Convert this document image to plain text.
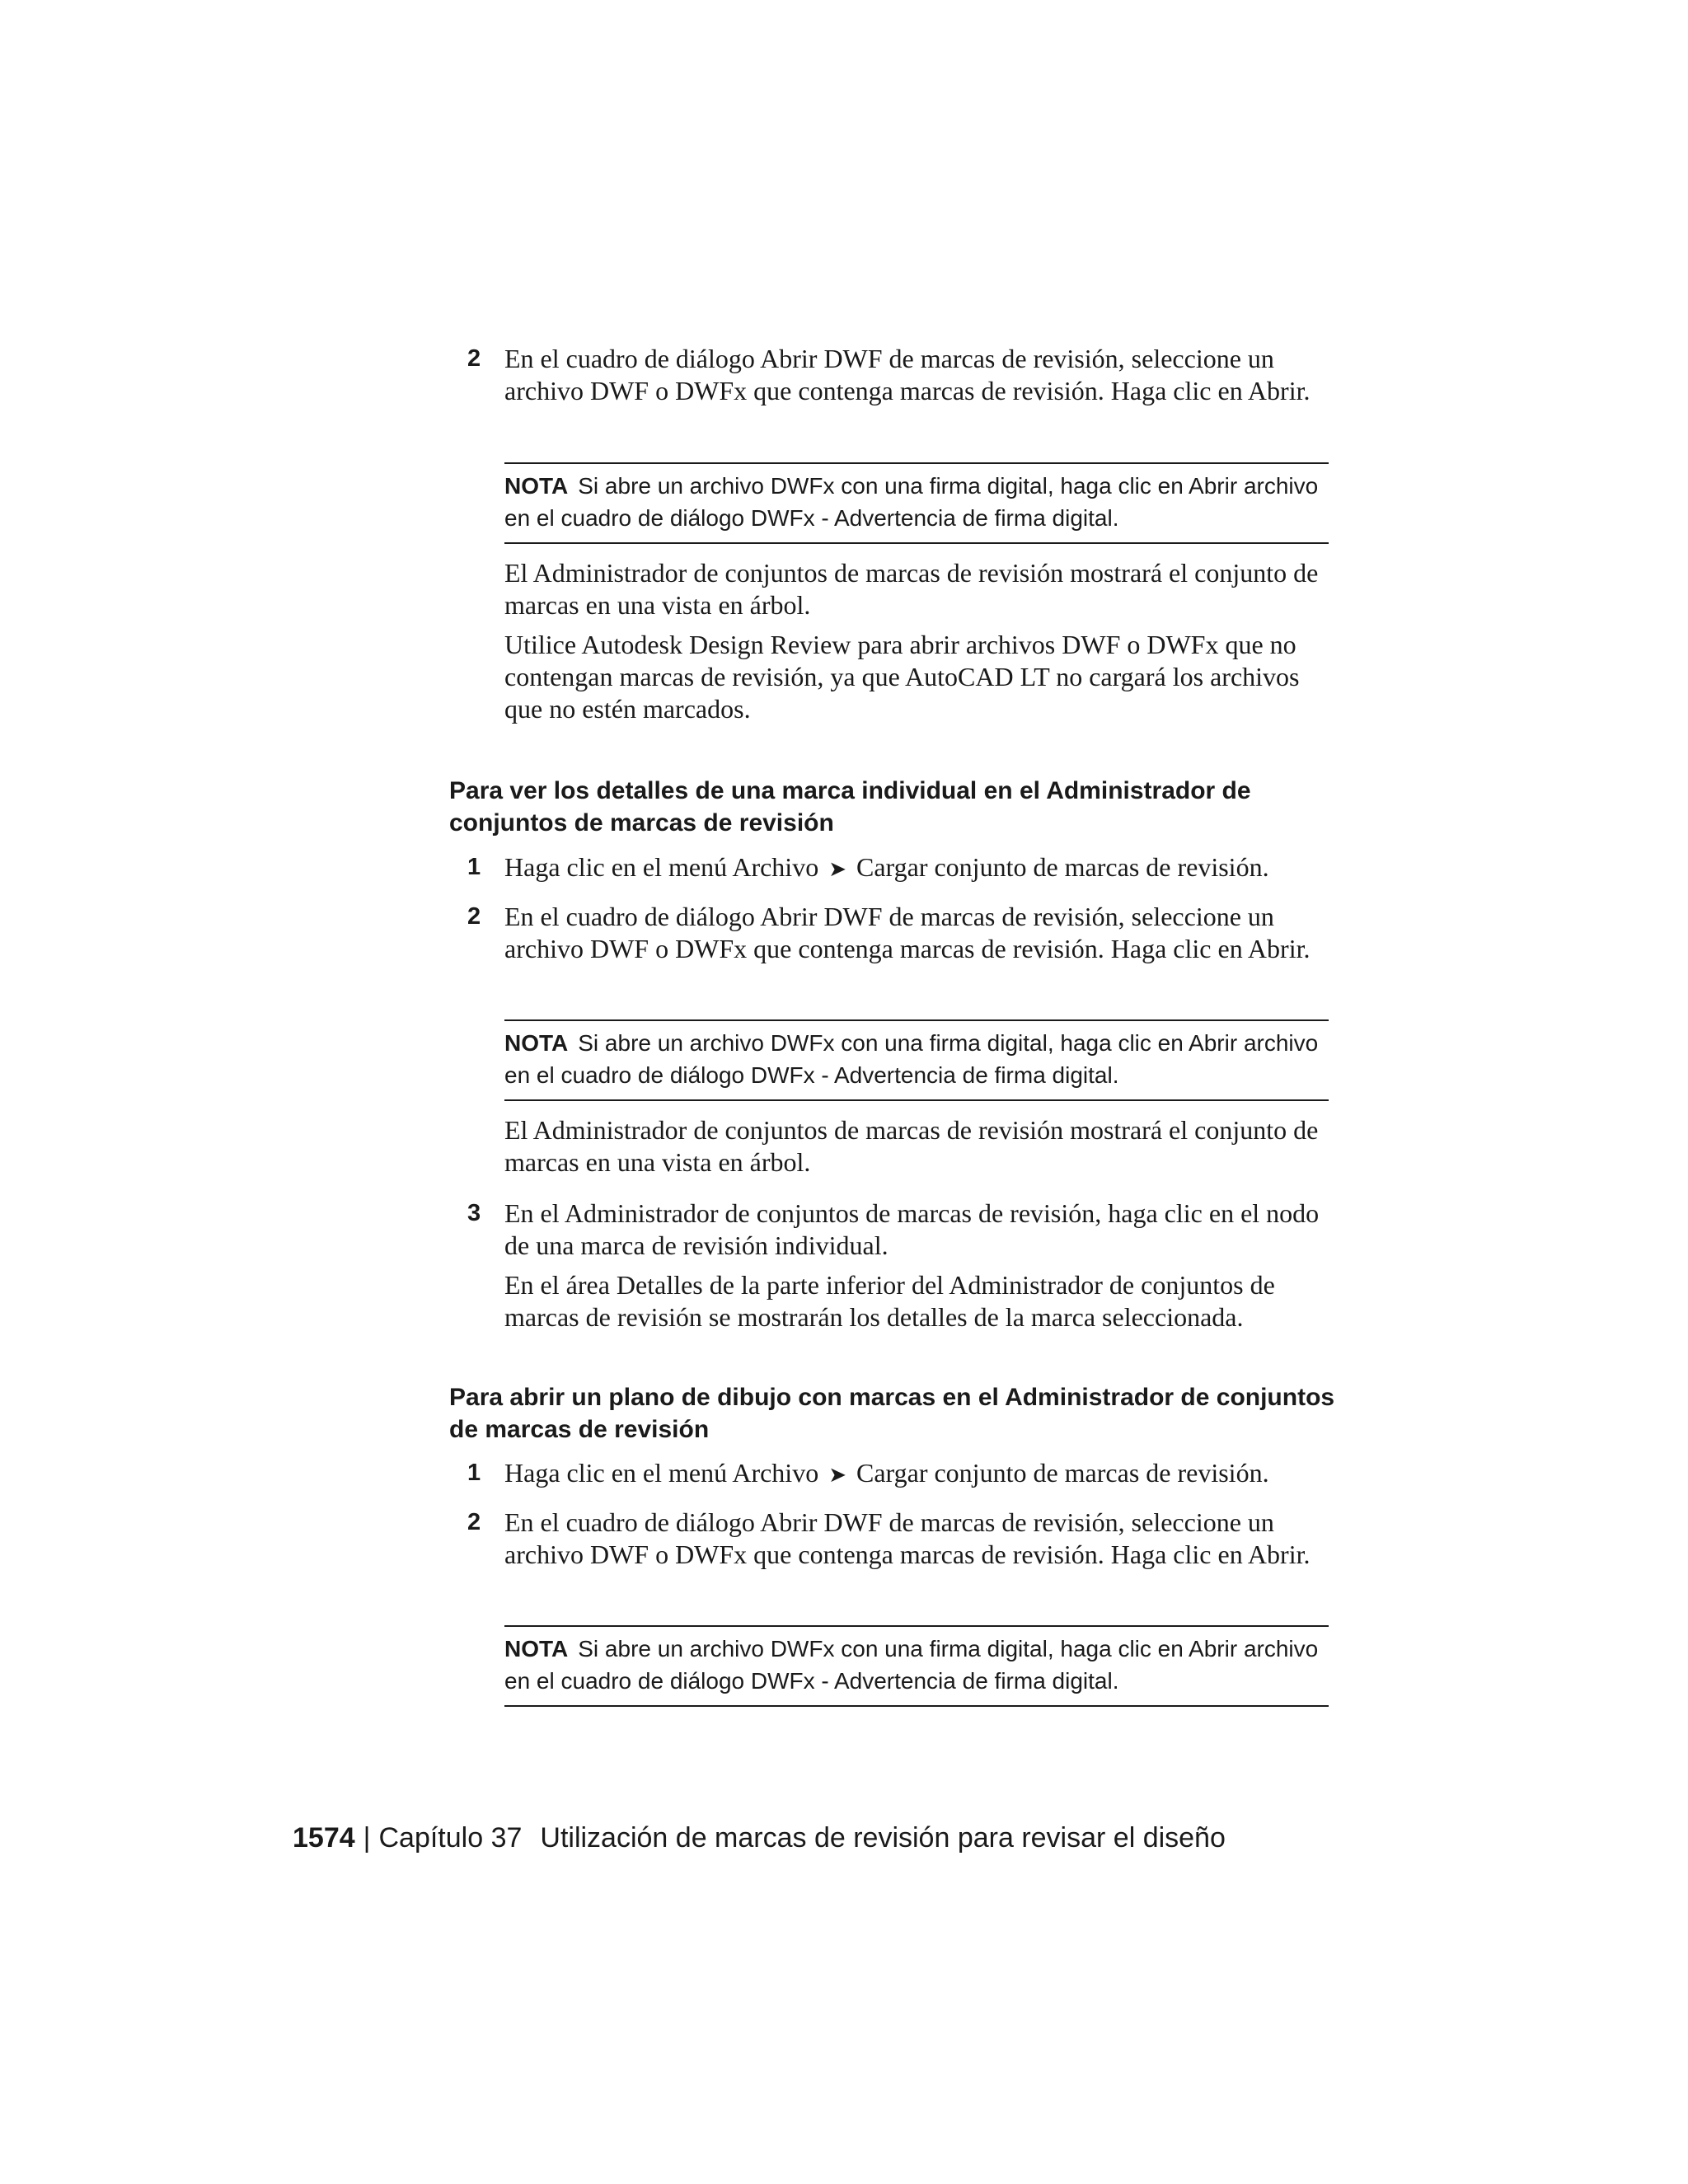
2 En el cuadro de diálogo Abrir DWF de marcas de revisión, seleccione un archivo DWF o DWFx que contenga marcas de revisión. Haga clic en Abrir.
NOTA Si abre un archivo DWFx con una firma digital, haga clic en Abrir archivo en el cuadro de diálogo DWFx - Advertencia de firma digital.
El Administrador de conjuntos de marcas de revisión mostrará el conjunto de marcas en una vista en árbol.
Utilice Autodesk Design Review para abrir archivos DWF o DWFx que no contengan marcas de revisión, ya que AutoCAD LT no cargará los archivos que no estén marcados.
Para ver los detalles de una marca individual en el Administrador de conjuntos de marcas de revisión
1 Haga clic en el menú Archivo ➤ Cargar conjunto de marcas de revisión.
2 En el cuadro de diálogo Abrir DWF de marcas de revisión, seleccione un archivo DWF o DWFx que contenga marcas de revisión. Haga clic en Abrir.
NOTA Si abre un archivo DWFx con una firma digital, haga clic en Abrir archivo en el cuadro de diálogo DWFx - Advertencia de firma digital.
El Administrador de conjuntos de marcas de revisión mostrará el conjunto de marcas en una vista en árbol.
3 En el Administrador de conjuntos de marcas de revisión, haga clic en el nodo de una marca de revisión individual.
En el área Detalles de la parte inferior del Administrador de conjuntos de marcas de revisión se mostrarán los detalles de la marca seleccionada.
Para abrir un plano de dibujo con marcas en el Administrador de conjuntos de marcas de revisión
1 Haga clic en el menú Archivo ➤ Cargar conjunto de marcas de revisión.
2 En el cuadro de diálogo Abrir DWF de marcas de revisión, seleccione un archivo DWF o DWFx que contenga marcas de revisión. Haga clic en Abrir.
NOTA Si abre un archivo DWFx con una firma digital, haga clic en Abrir archivo en el cuadro de diálogo DWFx - Advertencia de firma digital.
1574 | Capítulo 37 Utilización de marcas de revisión para revisar el diseño
